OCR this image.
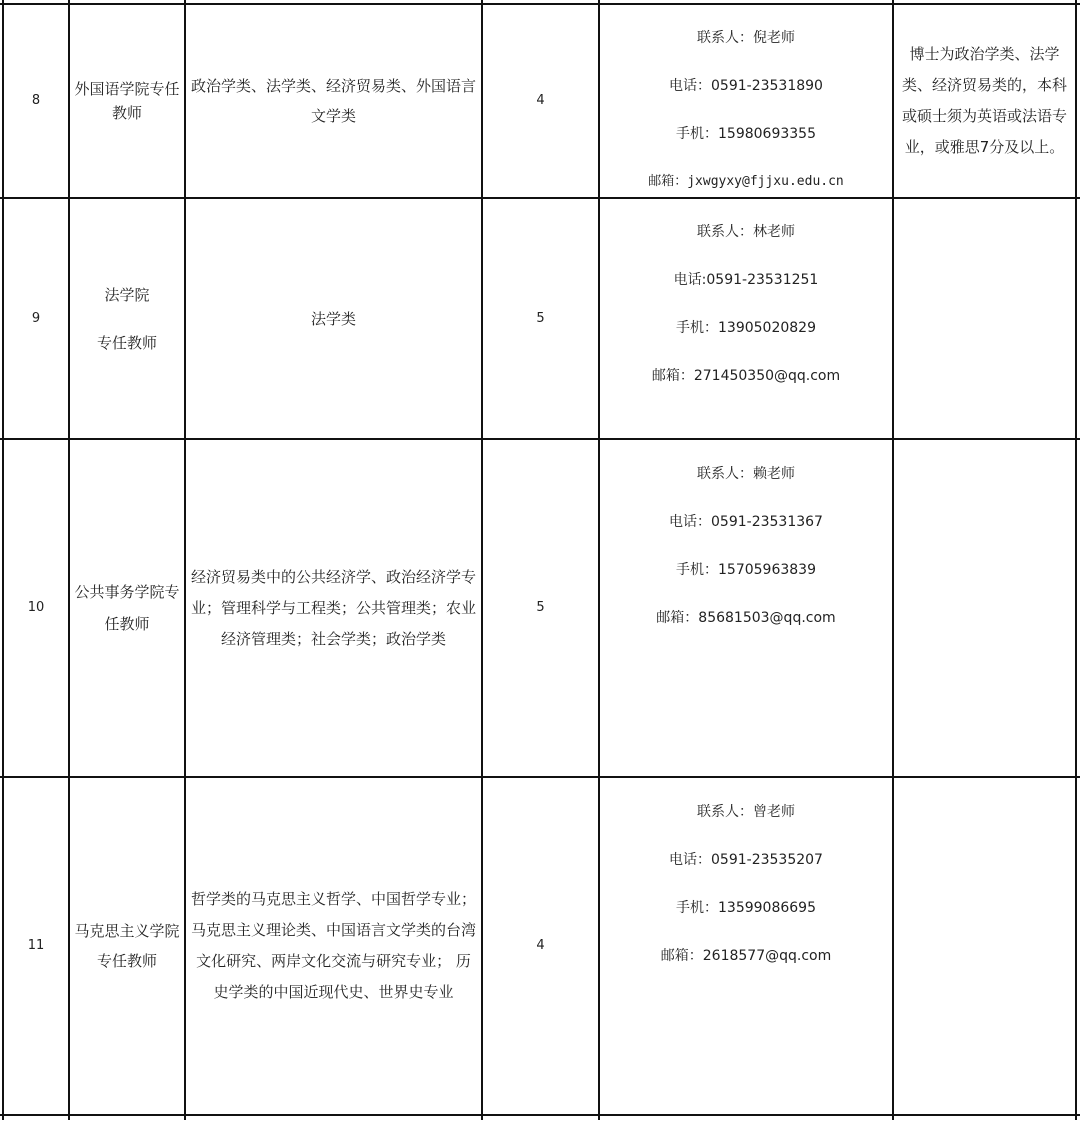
8
外国语学院专任
教师
政治学类、法学类、经济贸易类、外国语言
文学类
4
联系人：倪老师
电话：0591-23531890
手机：15980693355
邮箱：jxwgyxy@fjjxu.edu.cn
博士为政治学类、法学
类、经济贸易类的，本科
或硕士须为英语或法语专
业，或雅思7分及以上。
9
法学院
专任教师
法学类	5
联系人：林老师
电话:0591-23531251
手机：13905020829
邮箱：271450350@qq.com
10
公共事务学院专
任教师
经济贸易类中的公共经济学、政治经济学专
业；管理科学与工程类；公共管理类；农业
经济管理类；社会学类；政治学类
5
联系人：赖老师
电话：0591-23531367
手机：15705963839
邮箱：85681503@qq.com
11
马克思主义学院
专任教师
哲学类的马克思主义哲学、中国哲学专业；
马克思主义理论类、中国语言文学类的台湾
文化研究、两岸文化交流与研究专业； 历
史学类的中国近现代史、世界史专业
4
联系人：曾老师
电话：0591-23535207
手机：13599086695
邮箱：2618577@qq.com
